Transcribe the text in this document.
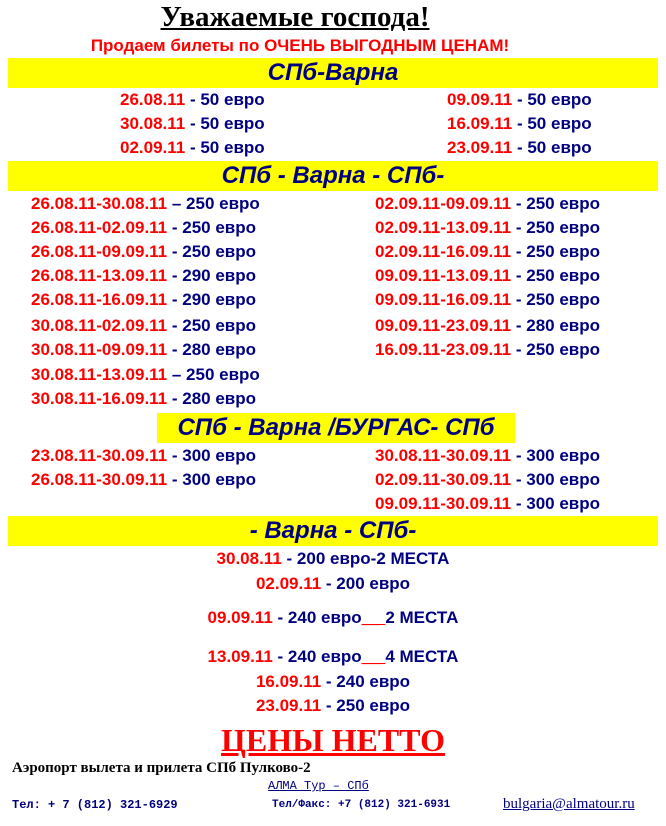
Уважаемые господа!
Продаем билеты по ОЧЕНЬ ВЫГОДНЫМ ЦЕНАМ!
СПб-Варна
26.08.11 - 50 евро
30.08.11 - 50 евро
02.09.11 - 50 евро
09.09.11 - 50 евро
16.09.11 - 50 евро
23.09.11 - 50 евро
СПб - Варна - СПб-
26.08.11-30.08.11 – 250 евро
26.08.11-02.09.11 - 250 евро
26.08.11-09.09.11 - 250 евро
26.08.11-13.09.11 - 290 евро
26.08.11-16.09.11 - 290 евро
30.08.11-02.09.11 - 250 евро
30.08.11-09.09.11 - 280 евро
30.08.11-13.09.11 – 250 евро
30.08.11-16.09.11 - 280 евро
02.09.11-09.09.11 - 250 евро
02.09.11-13.09.11 - 250 евро
02.09.11-16.09.11 - 250 евро
09.09.11-13.09.11 - 250 евро
09.09.11-16.09.11 - 250 евро
09.09.11-23.09.11 - 280 евро
16.09.11-23.09.11 - 250 евро
СПб - Варна /БУРГАС- СПб
23.08.11-30.09.11 - 300 евро
26.08.11-30.09.11 - 300 евро
30.08.11-30.09.11 - 300 евро
02.09.11-30.09.11 - 300 евро
09.09.11-30.09.11 - 300 евро
- Варна - СПб-
30.08.11 - 200 евро-2 МЕСТА
02.09.11 - 200 евро
09.09.11 - 240 евро__ 2 МЕСТА
13.09.11 - 240 евро__ 4 МЕСТА
16.09.11 - 240 евро
23.09.11 - 250 евро
ЦЕНЫ НЕТТО
Аэропорт вылета и прилета СПб Пулково-2
АЛМА Тур – СПб
Тел: + 7 (812) 321-6929	Тел/Факс: +7 (812) 321-6931	bulgaria@almatour.ru
